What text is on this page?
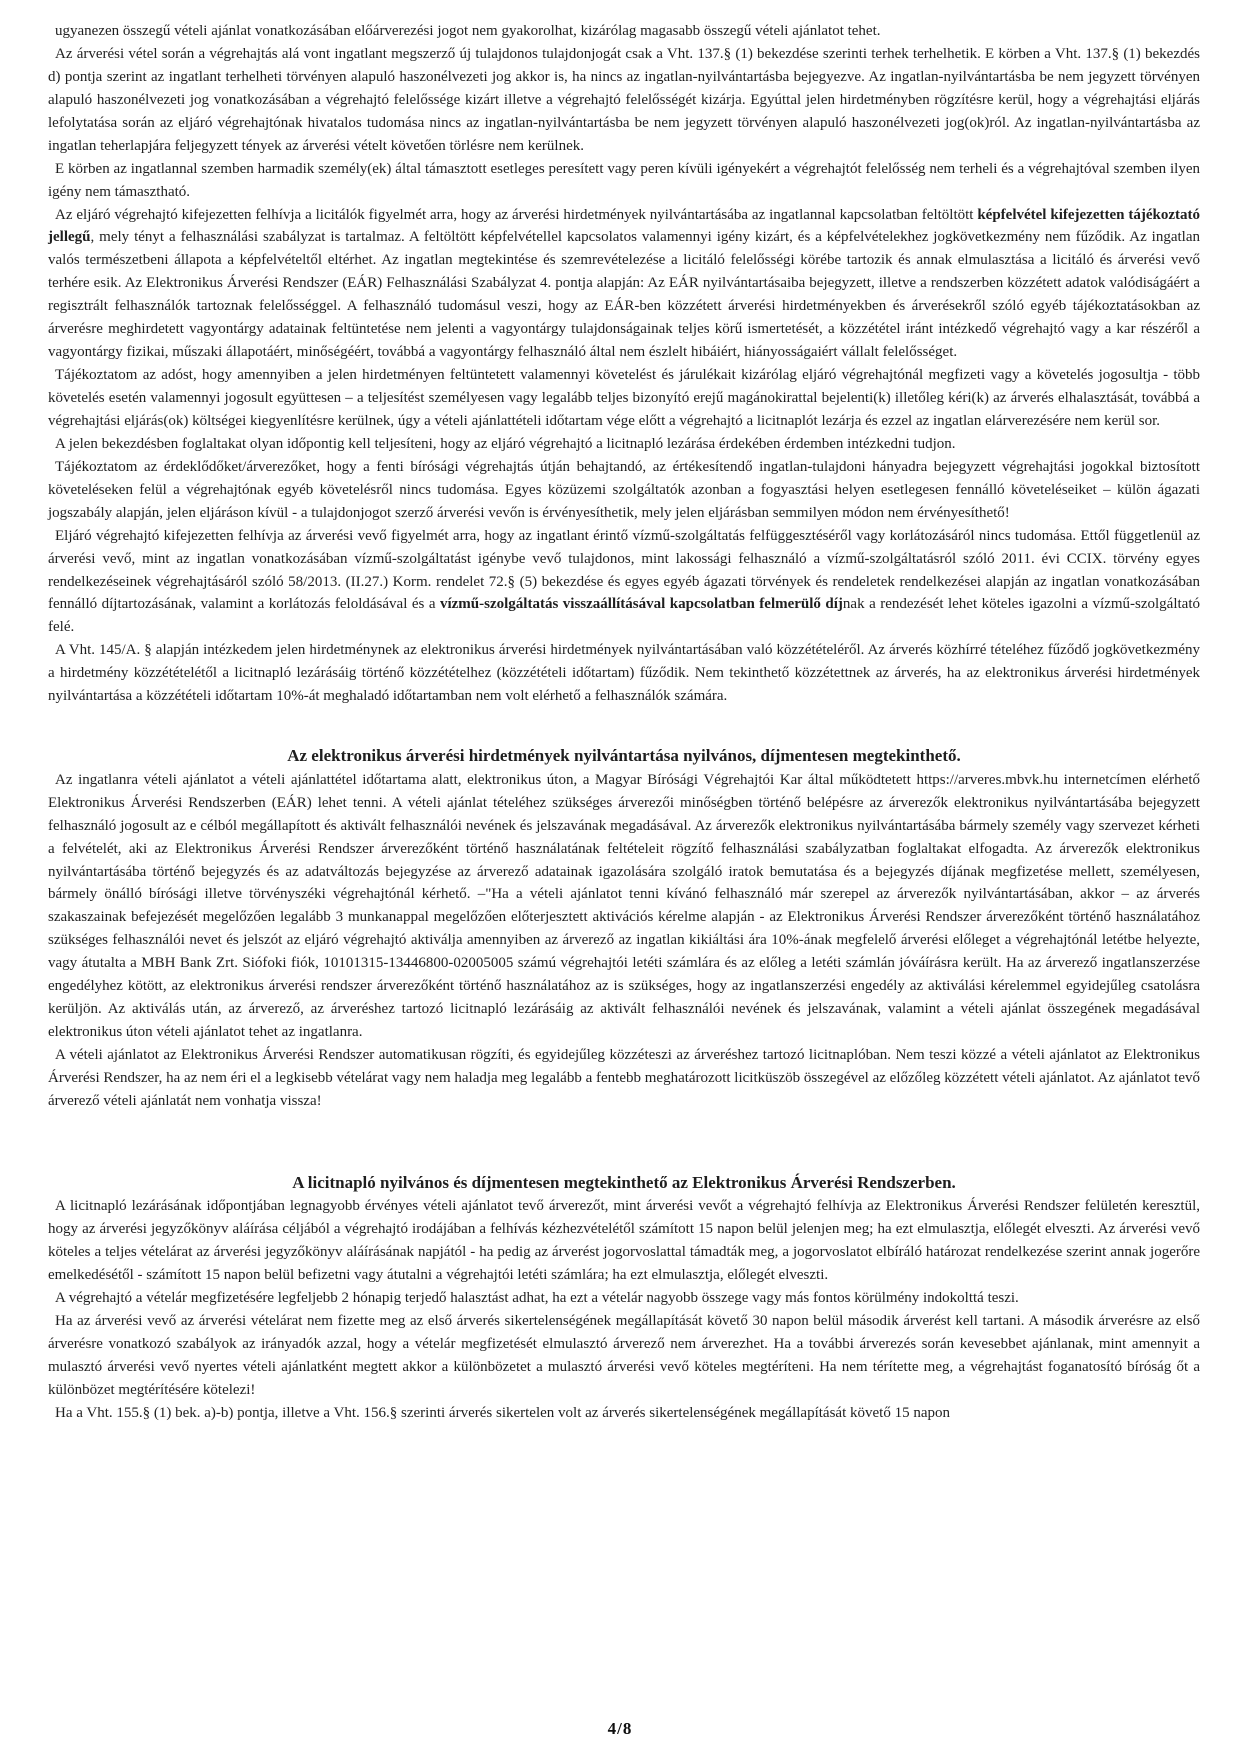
ugyanezen összegű vételi ajánlat vonatkozásában előárverezési jogot nem gyakorolhat, kizárólag magasabb összegű vételi ajánlatot tehet.

Az árverési vétel során a végrehajtás alá vont ingatlant megszerző új tulajdonos tulajdonjogát csak a Vht. 137.§ (1) bekezdése szerinti terhek terhelhetik. E körben a Vht. 137.§ (1) bekezdés d) pontja szerint az ingatlant terhelheti törvényen alapuló haszonélvezeti jog akkor is, ha nincs az ingatlan-nyilvántartásba bejegyezve. Az ingatlan-nyilvántartásba be nem jegyzett törvényen alapuló haszonélvezeti jog vonatkozásában a végrehajtó felelőssége kizárt illetve a végrehajtó felelősségét kizárja. Egyúttal jelen hirdetményben rögzítésre kerül, hogy a végrehajtási eljárás lefolytatása során az eljáró végrehajtónak hivatalos tudomása nincs az ingatlan-nyilvántartásba be nem jegyzett törvényen alapuló haszonélvezeti jog(ok)ról. Az ingatlan-nyilvántartásba az ingatlan teherlapjára feljegyzett tények az árverési vételt követően törlésre nem kerülnek.

E körben az ingatlannal szemben harmadik személy(ek) által támasztott esetleges peresített vagy peren kívüli igényekért a végrehajtót felelősség nem terheli és a végrehajtóval szemben ilyen igény nem támasztható.

Az eljáró végrehajtó kifejezetten felhívja a licitálók figyelmét arra, hogy az árverési hirdetmények nyilvántartásába az ingatlannal kapcsolatban feltöltött képfelvétel kifejezetten tájékoztató jellegű, mely tényt a felhasználási szabályzat is tartalmaz. A feltöltött képfelvétellel kapcsolatos valamennyi igény kizárt, és a képfelvételekhez jogkövetkezmény nem fűződik. Az ingatlan valós természetbeni állapota a képfelvételtől eltérhet. Az ingatlan megtekintése és szemrevételezése a licitáló felelősségi körébe tartozik és annak elmulasztása a licitáló és árverési vevő terhére esik. Az Elektronikus Árverési Rendszer (EÁR) Felhasználási Szabályzat 4. pontja alapján: Az EÁR nyilvántartásaiba bejegyzett, illetve a rendszerben közzétett adatok valódiságáért a regisztrált felhasználók tartoznak felelősséggel. A felhasználó tudomásul veszi, hogy az EÁR-ben közzétett árverési hirdetményekben és árverésekről szóló egyéb tájékoztatásokban az árverésre meghirdetett vagyontárgy adatainak feltüntetése nem jelenti a vagyontárgy tulajdonságainak teljes körű ismertetését, a közzététel iránt intézkedő végrehajtó vagy a kar részéről a vagyontárgy fizikai, műszaki állapotáért, minőségéért, továbbá a vagyontárgy felhasználó által nem észlelt hibáiért, hiányosságaiért vállalt felelősséget.

Tájékoztatom az adóst, hogy amennyiben a jelen hirdetményen feltüntetett valamennyi követelést és járulékait kizárólag eljáró végrehajtónál megfizeti vagy a követelés jogosultja - több követelés esetén valamennyi jogosult együttesen – a teljesítést személyesen vagy legalább teljes bizonyító erejű magánokirattal bejelenti(k) illetőleg kéri(k) az árverés elhalasztását, továbbá a végrehajtási eljárás(ok) költségei kiegyenlítésre kerülnek, úgy a vételi ajánlattételi időtartam vége előtt a végrehajtó a licitnaplót lezárja és ezzel az ingatlan elárverezésére nem kerül sor.

A jelen bekezdésben foglaltakat olyan időpontig kell teljesíteni, hogy az eljáró végrehajtó a licitnapló lezárása érdekében érdemben intézkedni tudjon.

Tájékoztatom az érdeklődőket/árverezőket, hogy a fenti bírósági végrehajtás útján behajtandó, az értékesítendő ingatlan-tulajdoni hányadra bejegyzett végrehajtási jogokkal biztosított követeléseken felül a végrehajtónak egyéb követelésről nincs tudomása. Egyes közüzemi szolgáltatók azonban a fogyasztási helyen esetlegesen fennálló követeléseiket – külön ágazati jogszabály alapján, jelen eljáráson kívül - a tulajdonjogot szerző árverési vevőn is érvényesíthetik, mely jelen eljárásban semmilyen módon nem érvényesíthető!

Eljáró végrehajtó kifejezetten felhívja az árverési vevő figyelmét arra, hogy az ingatlant érintő vízmű-szolgáltatás felfüggesztéséről vagy korlátozásáról nincs tudomása. Ettől függetlenül az árverési vevő, mint az ingatlan vonatkozásában vízmű-szolgáltatást igénybe vevő tulajdonos, mint lakossági felhasználó a vízmű-szolgáltatásról szóló 2011. évi CCIX. törvény egyes rendelkezéseinek végrehajtásáról szóló 58/2013. (II.27.) Korm. rendelet 72.§ (5) bekezdése és egyes egyéb ágazati törvények és rendeletek rendelkezései alapján az ingatlan vonatkozásában fennálló díjtartozásának, valamint a korlátozás feloldásával és a vízmű-szolgáltatás visszaállításával kapcsolatban felmerülő díjnak a rendezését lehet köteles igazolni a vízmű-szolgáltató felé.

A Vht. 145/A. § alapján intézkedem jelen hirdetménynek az elektronikus árverési hirdetmények nyilvántartásában való közzétételéről. Az árverés közhírré tételéhez fűződő jogkövetkezmény a hirdetmény közzétételétől a licitnapló lezárásáig történő közzétételhez (közzétételi időtartam) fűződik. Nem tekinthető közzétettnek az árverés, ha az elektronikus árverési hirdetmények nyilvántartása a közzétételi időtartam 10%-át meghaladó időtartamban nem volt elérhető a felhasználók számára.

Az elektronikus árverési hirdetmények nyilvántartása nyilvános, díjmentesen megtekinthető.

Az ingatlanra vételi ajánlatot a vételi ajánlattétel időtartama alatt, elektronikus úton, a Magyar Bírósági Végrehajtói Kar által működtetett https://arveres.mbvk.hu internetcímen elérhető Elektronikus Árverési Rendszerben (EÁR) lehet tenni. A vételi ajánlat tételéhez szükséges árverezői minőségben történő belépésre az árverezők elektronikus nyilvántartásába bejegyzett felhasználó jogosult az e célból megállapított és aktivált felhasználói nevének és jelszavának megadásával. Az árverezők elektronikus nyilvántartásába bármely személy vagy szervezet kérheti a felvételét, aki az Elektronikus Árverési Rendszer árverezőként történő használatának feltételeit rögzítő felhasználási szabályzatban foglaltakat elfogadta. Az árverezők elektronikus nyilvántartásába történő bejegyzés és az adatváltozás bejegyzése az árverező adatainak igazolására szolgáló iratok bemutatása és a bejegyzés díjának megfizetése mellett, személyesen, bármely önálló bírósági illetve törvényszéki végrehajtónál kérhető. –"Ha a vételi ajánlatot tenni kívánó felhasználó már szerepel az árverezők nyilvántartásában, akkor – az árverés szakaszainak befejezését megelőzően legalább 3 munkanappal megelőzően előterjesztett aktivációs kérelme alapján - az Elektronikus Árverési Rendszer árverezőként történő használatához szükséges felhasználói nevet és jelszót az eljáró végrehajtó aktiválja amennyiben az árverező az ingatlan kikiáltási ára 10%-ának megfelelő árverési előleget a végrehajtónál letétbe helyezte, vagy átutalta a MBH Bank Zrt. Siófoki fiók, 10101315-13446800-02005005 számú végrehajtói letéti számlára és az előleg a letéti számlán jóváírásra került. Ha az árverező ingatlanszerzése engedélyhez kötött, az elektronikus árverési rendszer árverezőként történő használatához az is szükséges, hogy az ingatlanszerzési engedély az aktiválási kérelemmel egyidejűleg csatolásra kerüljön. Az aktiválás után, az árverező, az árveréshez tartozó licitnapló lezárásáig az aktivált felhasználói nevének és jelszavának, valamint a vételi ajánlat összegének megadásával elektronikus úton vételi ajánlatot tehet az ingatlanra.

A vételi ajánlatot az Elektronikus Árverési Rendszer automatikusan rögzíti, és egyidejűleg közzéteszi az árveréshez tartozó licitnaplóban. Nem teszi közzé a vételi ajánlatot az Elektronikus Árverési Rendszer, ha az nem éri el a legkisebb vételárat vagy nem haladja meg legalább a fentebb meghatározott licitküszöb összegével az előzőleg közzétett vételi ajánlatot. Az ajánlatot tevő árverező vételi ajánlatát nem vonhatja vissza!

A licitnapló nyilvános és díjmentesen megtekinthető az Elektronikus Árverési Rendszerben.

A licitnapló lezárásának időpontjában legnagyobb érvényes vételi ajánlatot tevő árverezőt, mint árverési vevőt a végrehajtó felhívja az Elektronikus Árverési Rendszer felületén keresztül, hogy az árverési jegyzőkönyv aláírása céljából a végrehajtó irodájában a felhívás kézhezvételétől számított 15 napon belül jelenjen meg; ha ezt elmulasztja, előlegét elveszti. Az árverési vevő köteles a teljes vételárat az árverési jegyzőkönyv aláírásának napjától - ha pedig az árverést jogorvoslattal támadták meg, a jogorvoslatot elbíráló határozat rendelkezése szerint annak jogerőre emelkedésétől - számított 15 napon belül befizetni vagy átutalni a végrehajtói letéti számlára; ha ezt elmulasztja, előlegét elveszti.

A végrehajtó a vételár megfizetésére legfeljebb 2 hónapig terjedő halasztást adhat, ha ezt a vételár nagyobb összege vagy más fontos körülmény indokolttá teszi.

Ha az árverési vevő az árverési vételárat nem fizette meg az első árverés sikertelenségének megállapítását követő 30 napon belül második árverést kell tartani. A második árverésre az első árverésre vonatkozó szabályok az irányadók azzal, hogy a vételár megfizetését elmulasztó árverező nem árverezhet. Ha a további árverezés során kevesebbet ajánlanak, mint amennyit a mulasztó árverési vevő nyertes vételi ajánlatként megtett akkor a különbözetet a mulasztó árverési vevő köteles megtéríteni. Ha nem térítette meg, a végrehajtást foganatosító bíróság őt a különbözet megtérítésére kötelezi!

Ha a Vht. 155.§ (1) bek. a)-b) pontja, illetve a Vht. 156.§ szerinti árverés sikertelen volt az árverés sikertelenségének megállapítását követő 15 napon

4/8
